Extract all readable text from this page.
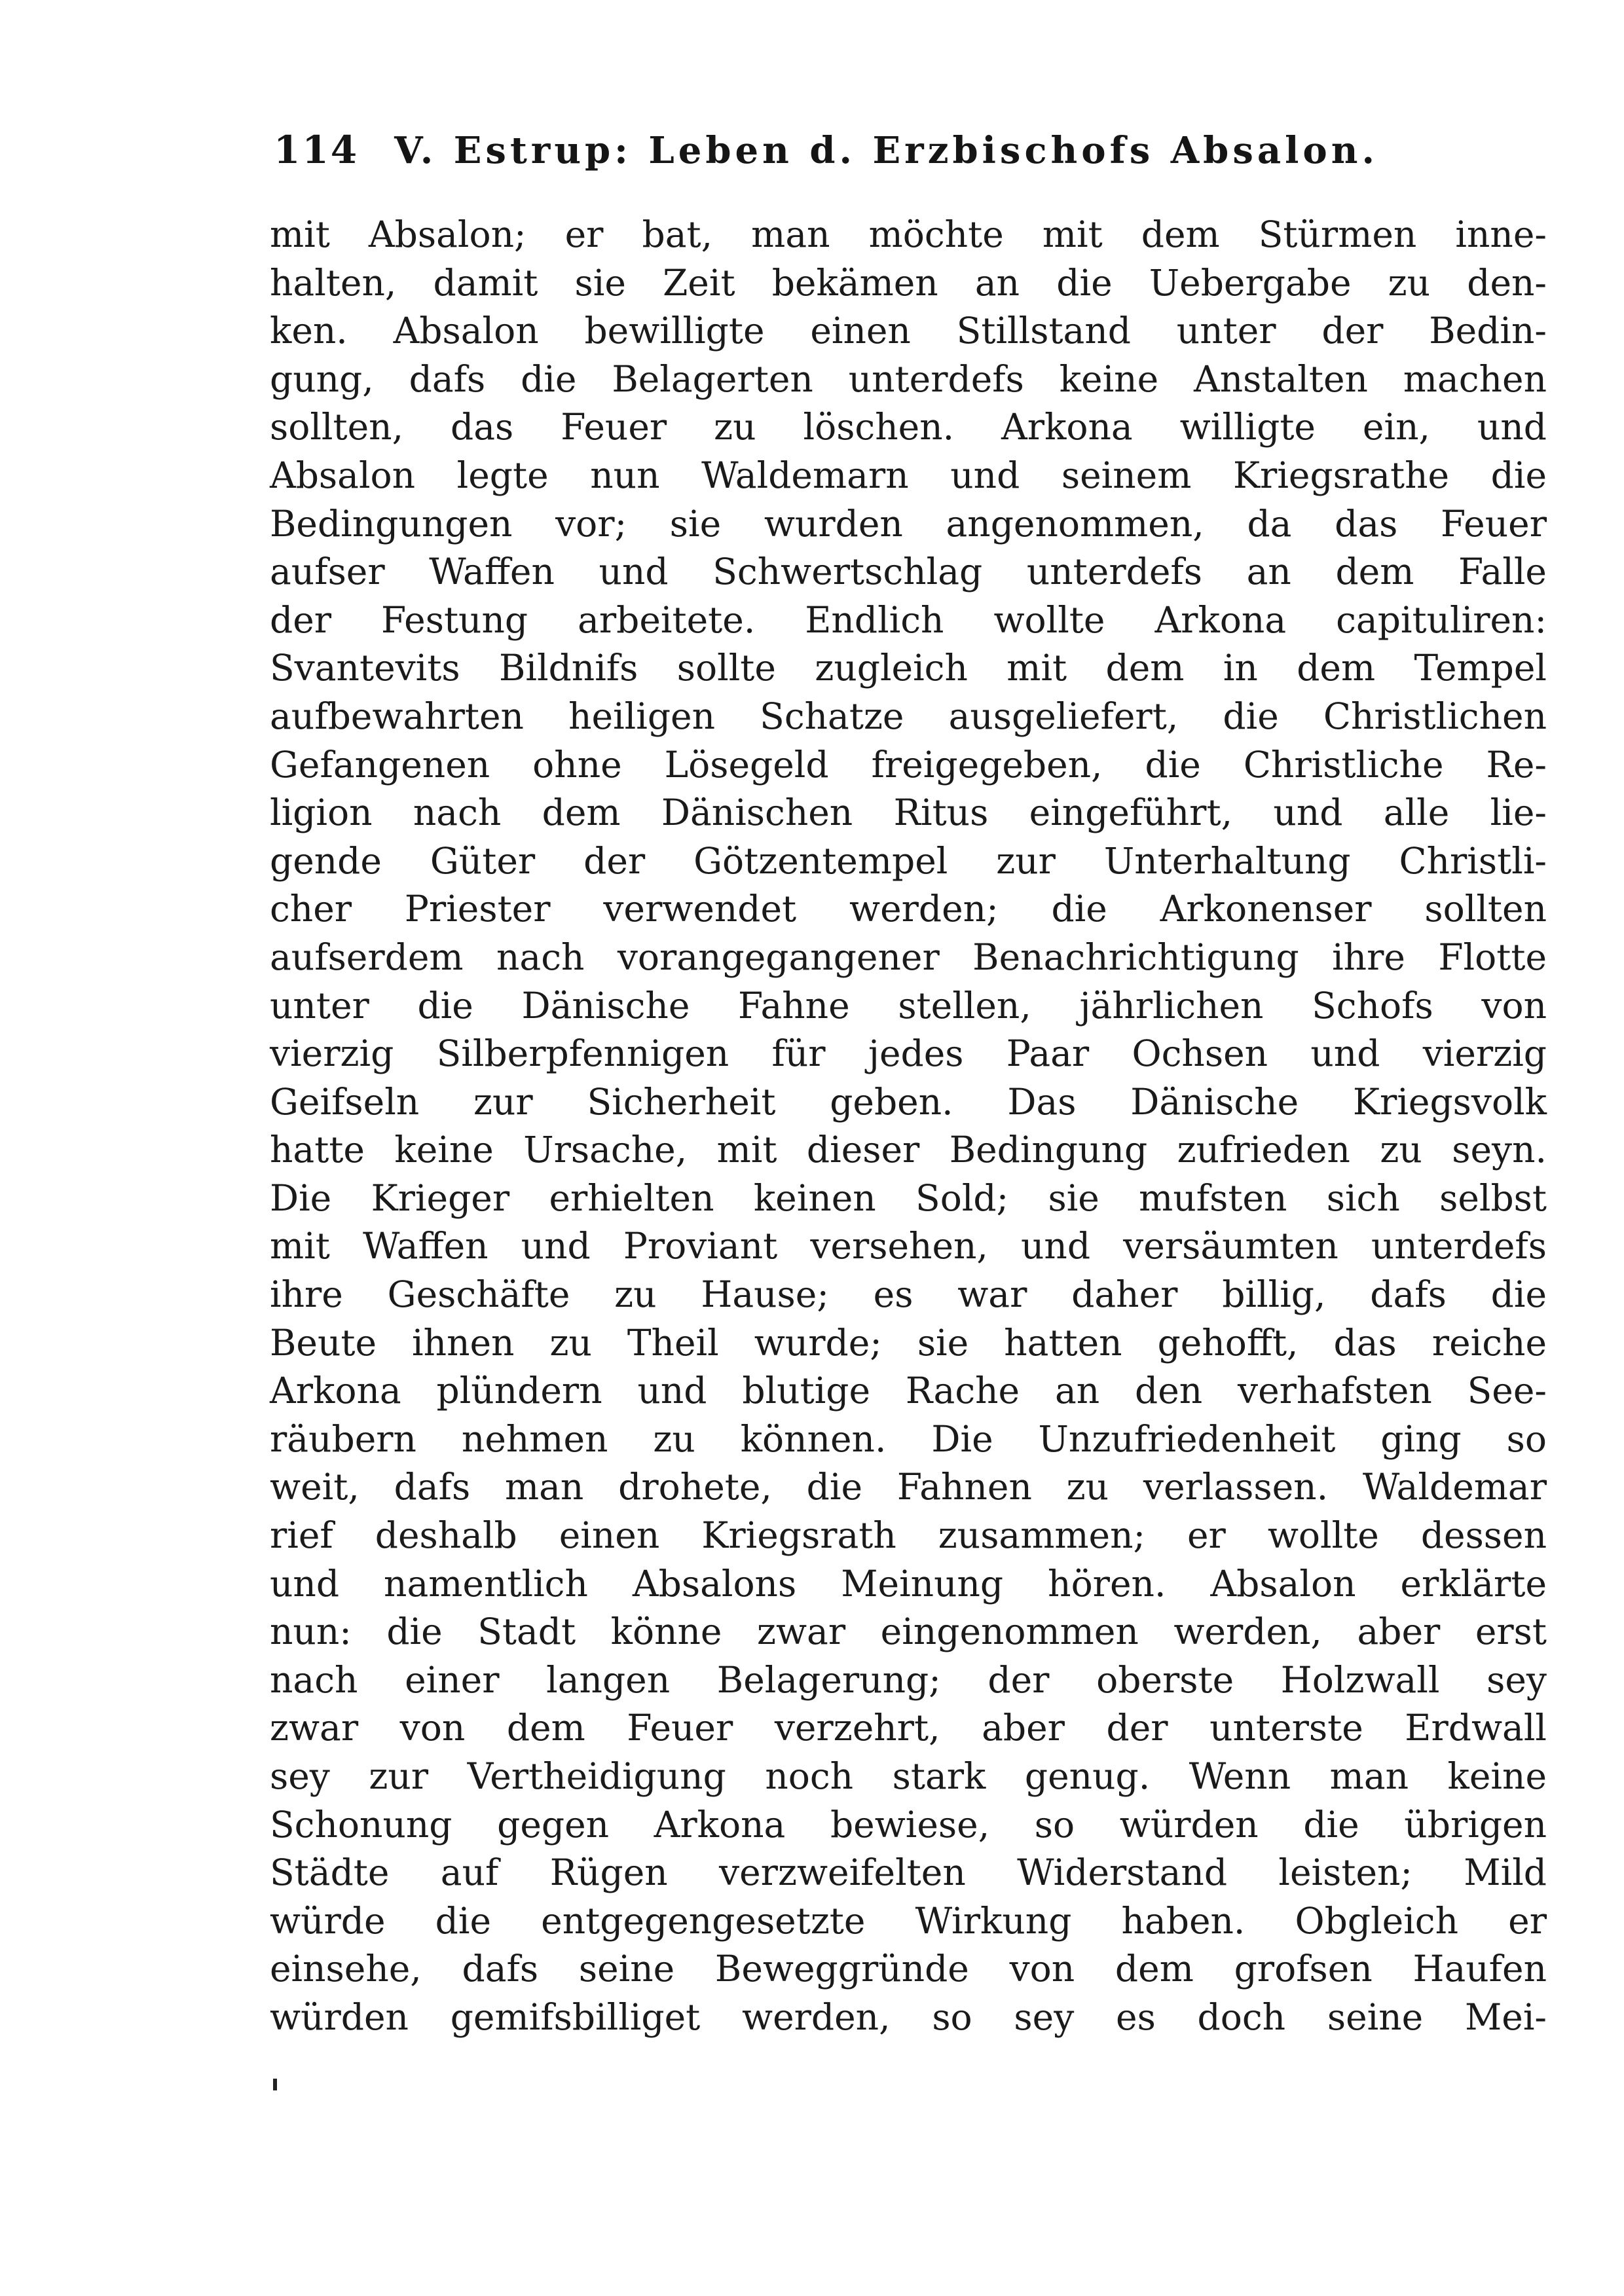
114 V. Estrup: Leben d. Erzbischofs Absalon.
mit Absalon; er bat, man möchte mit dem Stürmen inne-
halten, damit sie Zeit bekämen an die Uebergabe zu den-
ken. Absalon bewilligte einen Stillstand unter der Bedin-
gung, dafs die Belagerten unterdefs keine Anstalten machen
sollten, das Feuer zu löschen. Arkona willigte ein, und
Absalon legte nun Waldemarn und seinem Kriegsrathe die
Bedingungen vor; sie wurden angenommen, da das Feuer
aufser Waffen und Schwertschlag unterdefs an dem Falle
der Festung arbeitete. Endlich wollte Arkona capituliren:
Svantevits Bildnifs sollte zugleich mit dem in dem Tempel
aufbewahrten heiligen Schatze ausgeliefert, die Christlichen
Gefangenen ohne Lösegeld freigegeben, die Christliche Re-
ligion nach dem Dänischen Ritus eingeführt, und alle lie-
gende Güter der Götzentempel zur Unterhaltung Christli-
cher Priester verwendet werden; die Arkonenser sollten
aufserdem nach vorangegangener Benachrichtigung ihre Flotte
unter die Dänische Fahne stellen, jährlichen Schofs von
vierzig Silberpfennigen für jedes Paar Ochsen und vierzig
Geifseln zur Sicherheit geben. Das Dänische Kriegsvolk
hatte keine Ursache, mit dieser Bedingung zufrieden zu seyn.
Die Krieger erhielten keinen Sold; sie mufsten sich selbst
mit Waffen und Proviant versehen, und versäumten unterdefs
ihre Geschäfte zu Hause; es war daher billig, dafs die
Beute ihnen zu Theil wurde; sie hatten gehofft, das reiche
Arkona plündern und blutige Rache an den verhafsten See-
räubern nehmen zu können. Die Unzufriedenheit ging so
weit, dafs man drohete, die Fahnen zu verlassen. Waldemar
rief deshalb einen Kriegsrath zusammen; er wollte dessen
und namentlich Absalons Meinung hören. Absalon erklärte
nun: die Stadt könne zwar eingenommen werden, aber erst
nach einer langen Belagerung; der oberste Holzwall sey
zwar von dem Feuer verzehrt, aber der unterste Erdwall
sey zur Vertheidigung noch stark genug. Wenn man keine
Schonung gegen Arkona bewiese, so würden die übrigen
Städte auf Rügen verzweifelten Widerstand leisten; Mild
würde die entgegengesetzte Wirkung haben. Obgleich er
einsehe, dafs seine Beweggründe von dem grofsen Haufen
würden gemifsbilliget werden, so sey es doch seine Mei-
